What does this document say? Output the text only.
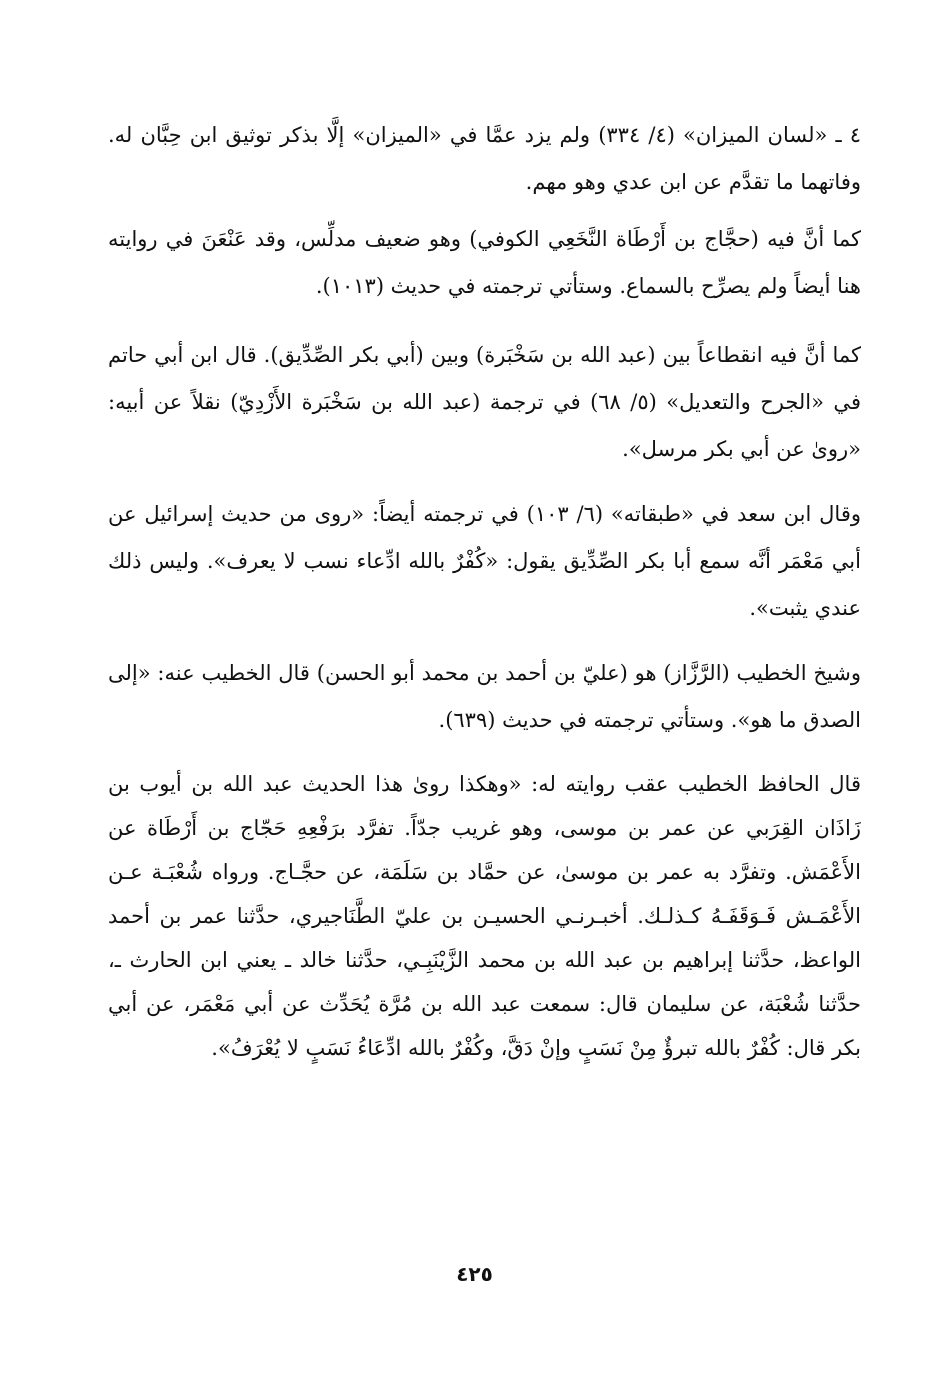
٤ ـ «لسان الميزان» (٤/ ٣٣٤) ولم يزد عمَّا في «الميزان» إلَّا بذكر توثيق ابن حِبَّان له. وفاتهما ما تقدَّم عن ابن عدي وهو مهم.

كما أنَّ فيه (حجَّاج بن أَرْطَاة النَّخَعِي الكوفي) وهو ضعيف مدلِّس، وقد عَنْعَنَ في روايته هنا أيضاً ولم يصرِّح بالسماع. وستأتي ترجمته في حديث (١٠١٣).

كما أنَّ فيه انقطاعاً بين (عبد الله بن سَخْبَرة) وبين (أبي بكر الصِّدِّيق). قال ابن أبي حاتم في «الجرح والتعديل» (٥/ ٦٨) في ترجمة (عبد الله بن سَخْبَرة الأَزْدِيّ) نقلاً عن أبيه: «روىٰ عن أبي بكر مرسل».

وقال ابن سعد في «طبقاته» (٦/ ١٠٣) في ترجمته أيضاً: «روى من حديث إسرائيل عن أبي مَعْمَر أنَّه سمع أبا بكر الصِّدِّيق يقول: «كُفْرٌ بالله ادِّعاء نسب لا يعرف». وليس ذلك عندي يثبت».

وشيخ الخطيب (الرَّزَّاز) هو (عليّ بن أحمد بن محمد أبو الحسن) قال الخطيب عنه: «إلى الصدق ما هو». وستأتي ترجمته في حديث (٦٣٩).

قال الحافظ الخطيب عقب روايته له: «وهكذا روىٰ هذا الحديث عبد الله بن أيوب بن زَاذَان القِرَبي عن عمر بن موسى، وهو غريب جدّاً. تفرَّد برَفْعِهِ حَجّاج بن أَرْطَاة عن الأَعْمَش. وتفرَّد به عمر بن موسىٰ، عن حمَّاد بن سَلَمَة، عن حجَّـاج. ورواه شُعْبَـة عـن الأَعْمَـش فَـوَقَفَـهُ كـذلـك. أخبـرنـي الحسيـن بن عليّ الطَّنَاجيري، حدَّثنا عمر بن أحمد الواعظ، حدَّثنا إبراهيم بن عبد الله بن محمد الزَّيْنَبِـي، حدَّثنا خالد ـ يعني ابن الحارث ـ، حدَّثنا شُعْبَة، عن سليمان قال: سمعت عبد الله بن مُرَّة يُحَدِّث عن أبي مَعْمَر، عن أبي بكر قال: كُفْرٌ بالله تبرؤٌ مِنْ نَسَبٍ وإنْ دَقَّ، وكُفْرٌ بالله ادِّعَاءُ نَسَبٍ لا يُعْرَفُ».

٤٢٥
